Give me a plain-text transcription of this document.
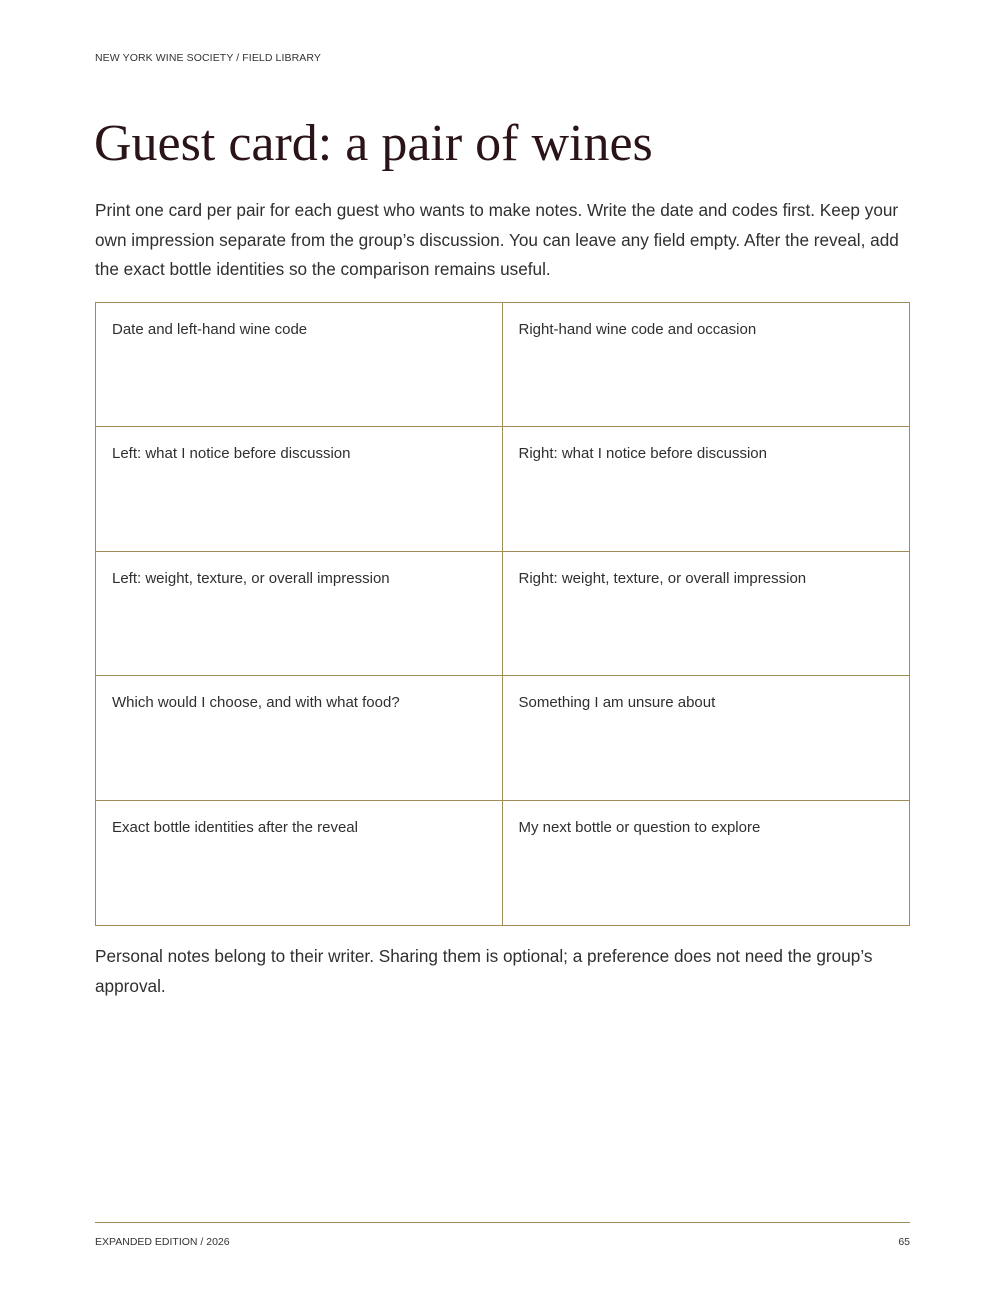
NEW YORK WINE SOCIETY / FIELD LIBRARY
Guest card: a pair of wines

Print one card per pair for each guest who wants to make notes. Write the date and codes first. Keep your own impression separate from the group’s discussion. You can leave any field empty. After the reveal, add the exact bottle identities so the comparison remains useful.

Date and left-hand wine code	Right-hand wine code and occasion
Left: what I notice before discussion	Right: what I notice before discussion
Left: weight, texture, or overall impression	Right: weight, texture, or overall impression
Which would I choose, and with what food?	Something I am unsure about
Exact bottle identities after the reveal	My next bottle or question to explore

Personal notes belong to their writer. Sharing them is optional; a preference does not need the group’s approval.

EXPANDED EDITION / 2026	65
